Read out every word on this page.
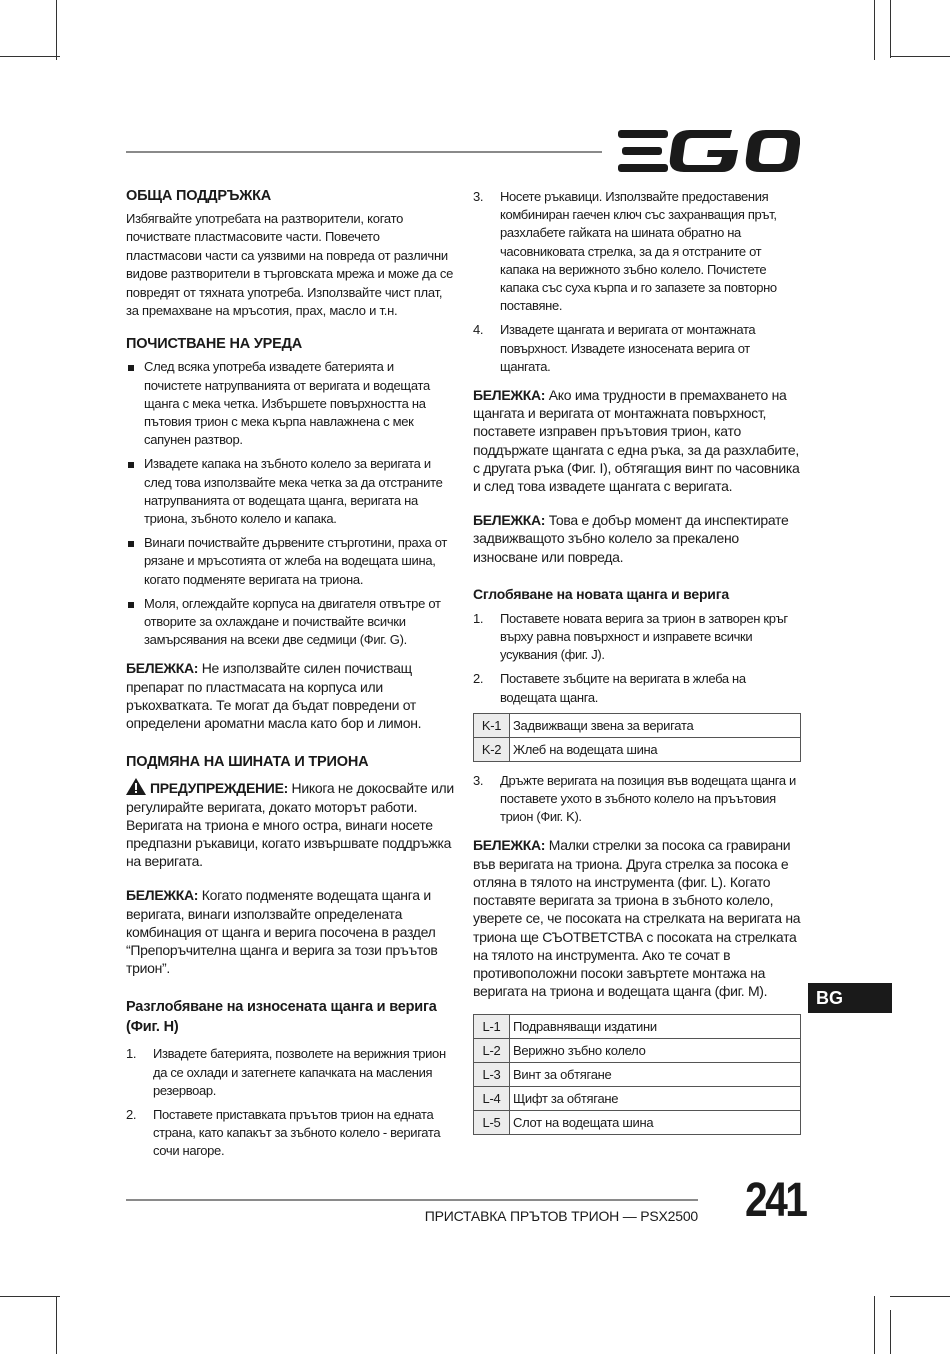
ОБЩА ПОДДРЪЖКА

Избягвайте употребата на разтворители, когато почиствате пластмасовите части. Повечето пластмасови части са уязвими на повреда от различни видове разтворители в търговската мрежа и може да се повредят от тяхната употреба. Използвайте чист плат, за премахване на мръсотия, прах, масло и т.н.

ПОЧИСТВАНЕ НА УРЕДА
След всяка употреба извадете батерията и почистете натрупванията от веригата и водещата щанга с мека четка. Избършете повърхността на пътовия трион с мека кърпа навлажнена с мек сапунен разтвор.
Извадете капака на зъбното колело за веригата и след това използвайте мека четка за да отстраните натрупванията от водещата щанга, веригата на триона, зъбното колело и капака.
Винаги почиствайте дървените стърготини, праха от рязане и мръсотията от жлеба на водещата шина, когато подменяте веригата на триона.
Моля, оглеждайте корпуса на двигателя отвътре от отворите за охлаждане и почиствайте всички замърсявания на всеки две седмици (Фиг. G).

БЕЛЕЖКА: Не използвайте силен почистващ препарат по пластмасата на корпуса или ръкохватката. Те могат да бъдат повредени от определени ароматни масла като бор и лимон.

ПОДМЯНА НА ШИНАТА И ТРИОНА

ПРЕДУПРЕЖДЕНИЕ: Никога не докосвайте или регулирайте веригата, докато моторът работи. Веригата на триона е много остра, винаги носете предпазни ръкавици, когато извършвате поддръжка на веригата.

БЕЛЕЖКА: Когато подменяте водещата щанга и веригата, винаги използвайте определената комбинация от щанга и верига посочена в раздел “Препоръчителна щанга и верига за този пръътов трион”.

Разглобяване на износената щанга и верига (Фиг. H)
1. Извадете батерията, позволете на верижния трион да се охлади и затегнете капачката на масления резервоар.
2. Поставете приставката пръътов трион на едната страна, като капакът за зъбното колело - веригата сочи нагоре.
3. Носете ръкавици. Използвайте предоставения комбиниран гаечен ключ със захранващия прът, разхлабете гайката на шината обратно на часовниковата стрелка, за да я отстраните от капака на верижното зъбно колело. Почистете капака със суха кърпа и го запазете за повторно поставяне.
4. Извадете щангата и веригата от монтажната повърхност. Извадете износената верига от щангата.

БЕЛЕЖКА: Ако има трудности в премахването на щангата и веригата от монтажната повърхност, поставете изправен пръътовия трион, като поддържате щангата с една ръка, за да разхлабите, с другата ръка (Фиг. I), обтягащия винт по часовника и след това извадете щангата с веригата.

БЕЛЕЖКА: Това е добър момент да инспектирате задвижващото зъбно колело за прекалено износване или повреда.

Сглобяване на новата щанга и верига
1. Поставете новата верига за трион в затворен кръг върху равна повърхност и изправете всички усуквания (фиг. J).
2. Поставете зъбците на веригата в жлеба на водещата щанга.
K-1	Задвижващи звена за веригата
K-2	Жлеб на водещата шина
3. Дръжте веригата на позиция във водещата щанга и поставете ухото в зъбното колело на пръътовия трион (Фиг. K).

БЕЛЕЖКА: Малки стрелки за посока са гравирани във веригата на триона. Друга стрелка за посока е отляна в тялото на инструмента (фиг. L). Когато поставяте веригата за триона в зъбното колело, уверете се, че посоката на стрелката на веригата на триона ще СЪОТВЕТСТВА с посоката на стрелката на тялото на инструмента. Ако те сочат в противоположни посоки завъртете монтажа на веригата на триона и водещата щанга (фиг. M).

L-1	Подравняващи издатини
L-2	Верижно зъбно колело
L-3	Винт за обтягане
L-4	Щифт за обтягане
L-5	Слот на водещата шина
BG
ПРИСТАВКА ПРЪТОВ ТРИОН — PSX2500 241
